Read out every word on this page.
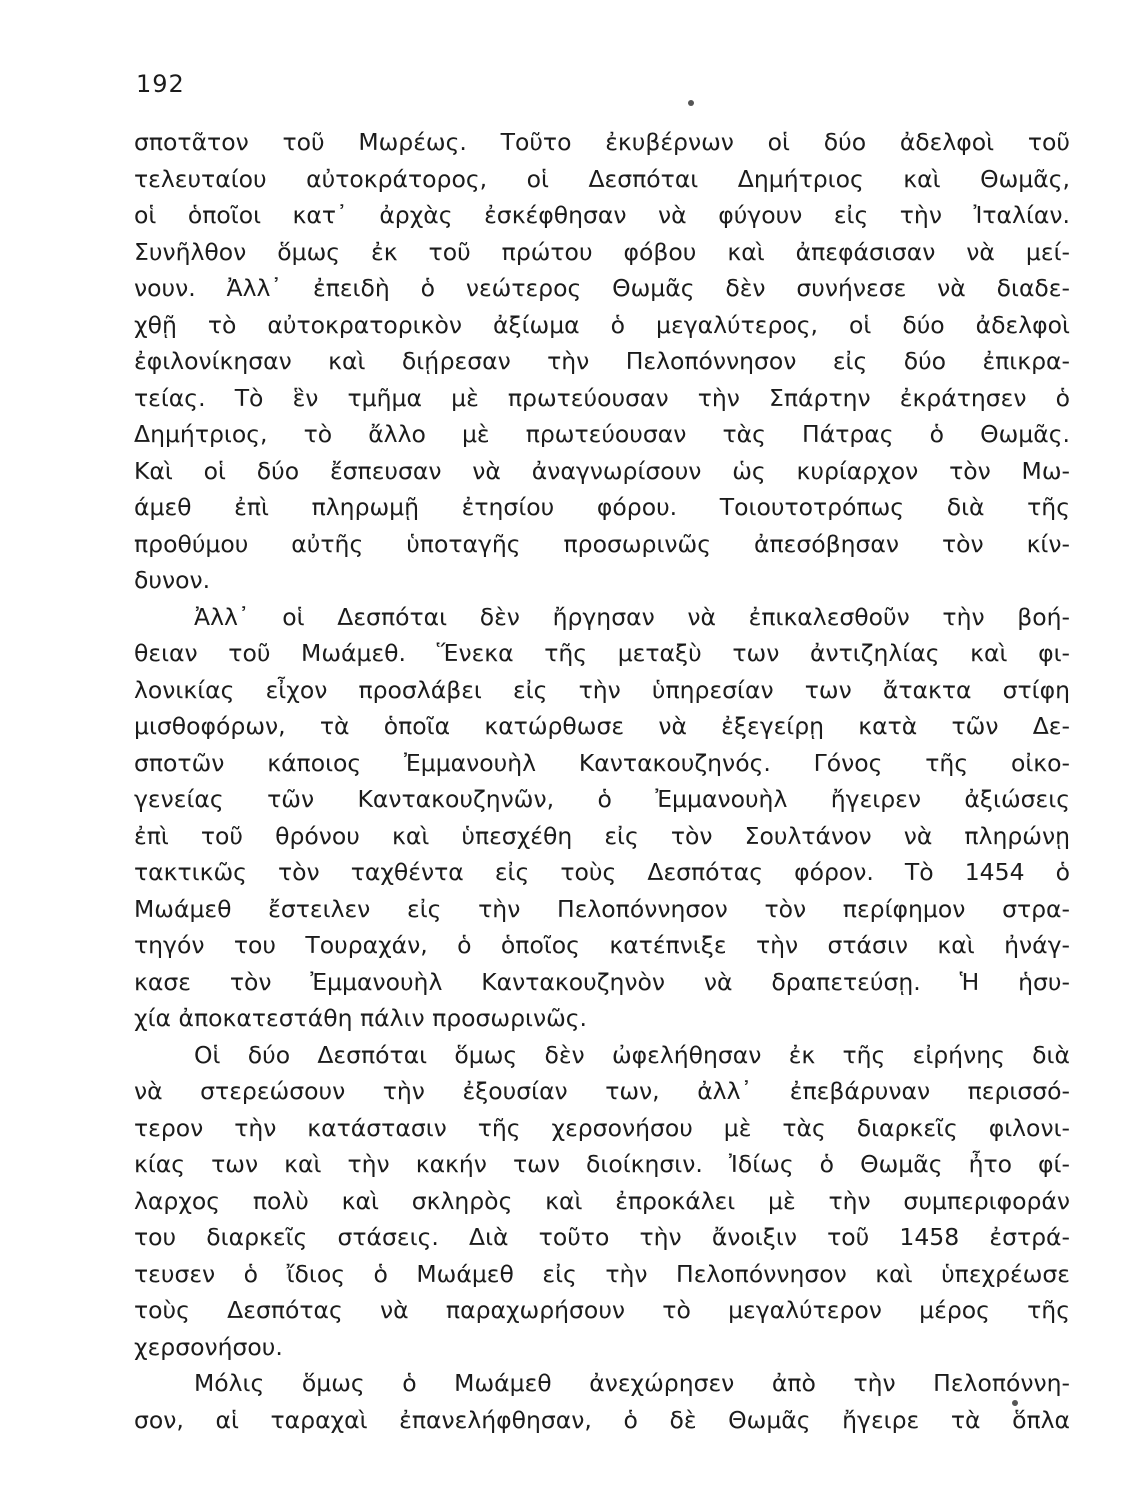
192
σποτᾶτον τοῦ Μωρέως. Τοῦτο ἐκυβέρνων οἱ δύο ἀδελφοὶ τοῦ
τελευταίου αὐτοκράτορος, οἱ Δεσπόται Δημήτριος καὶ Θωμᾶς,
οἱ ὁποῖοι κατ᾽ ἀρχὰς ἐσκέφθησαν νὰ φύγουν εἰς τὴν Ἰταλίαν.
Συνῆλθον ὅμως ἐκ τοῦ πρώτου φόβου καὶ ἀπεφάσισαν νὰ μεί-
νουν. Ἀλλ᾽ ἐπειδὴ ὁ νεώτερος Θωμᾶς δὲν συνήνεσε νὰ διαδε-
χθῇ τὸ αὐτοκρατορικὸν ἀξίωμα ὁ μεγαλύτερος, οἱ δύο ἀδελφοὶ
ἐφιλονίκησαν καὶ διῄρεσαν τὴν Πελοπόννησον εἰς δύο ἐπικρα-
τείας. Τὸ ἓν τμῆμα μὲ πρωτεύουσαν τὴν Σπάρτην ἐκράτησεν ὁ
Δημήτριος, τὸ ἄλλο μὲ πρωτεύουσαν τὰς Πάτρας ὁ Θωμᾶς.
Καὶ οἱ δύο ἔσπευσαν νὰ ἀναγνωρίσουν ὡς κυρίαρχον τὸν Μω-
άμεθ ἐπὶ πληρωμῇ ἐτησίου φόρου. Τοιουτοτρόπως διὰ τῆς
προθύμου αὐτῆς ὑποταγῆς προσωρινῶς ἀπεσόβησαν τὸν κίν-
δυνον.
Ἀλλ᾽ οἱ Δεσπόται δὲν ἤργησαν νὰ ἐπικαλεσθοῦν τὴν βοή-
θειαν τοῦ Μωάμεθ. Ἕνεκα τῆς μεταξὺ των ἀντιζηλίας καὶ φι-
λονικίας εἶχον προσλάβει εἰς τὴν ὑπηρεσίαν των ἄτακτα στίφη
μισθοφόρων, τὰ ὁποῖα κατώρθωσε νὰ ἐξεγείρῃ κατὰ τῶν Δε-
σποτῶν κάποιος Ἐμμανουὴλ Καντακουζηνός. Γόνος τῆς οἰκο-
γενείας τῶν Καντακουζηνῶν, ὁ Ἐμμανουὴλ ἤγειρεν ἀξιώσεις
ἐπὶ τοῦ θρόνου καὶ ὑπεσχέθη εἰς τὸν Σουλτάνον νὰ πληρώνῃ
τακτικῶς τὸν ταχθέντα εἰς τοὺς Δεσπότας φόρον. Τὸ 1454 ὁ
Μωάμεθ ἔστειλεν εἰς τὴν Πελοπόννησον τὸν περίφημον στρα-
τηγόν του Τουραχάν, ὁ ὁποῖος κατέπνιξε τὴν στάσιν καὶ ἠνάγ-
κασε τὸν Ἐμμανουὴλ Καντακουζηνὸν νὰ δραπετεύσῃ. Ἡ ἡσυ-
χία ἀποκατεστάθη πάλιν προσωρινῶς.
Οἱ δύο Δεσπόται ὅμως δὲν ὠφελήθησαν ἐκ τῆς εἰρήνης διὰ
νὰ στερεώσουν τὴν ἐξουσίαν των, ἀλλ᾽ ἐπεβάρυναν περισσό-
τερον τὴν κατάστασιν τῆς χερσονήσου μὲ τὰς διαρκεῖς φιλονι-
κίας των καὶ τὴν κακήν των διοίκησιν. Ἰδίως ὁ Θωμᾶς ἦτο φί-
λαρχος πολὺ καὶ σκληρὸς καὶ ἐπροκάλει μὲ τὴν συμπεριφοράν
του διαρκεῖς στάσεις. Διὰ τοῦτο τὴν ἄνοιξιν τοῦ 1458 ἐστρά-
τευσεν ὁ ἴδιος ὁ Μωάμεθ εἰς τὴν Πελοπόννησον καὶ ὑπεχρέωσε
τοὺς Δεσπότας νὰ παραχωρήσουν τὸ μεγαλύτερον μέρος τῆς
χερσονήσου.
Μόλις ὅμως ὁ Μωάμεθ ἀνεχώρησεν ἀπὸ τὴν Πελοπόννη-
σον, αἱ ταραχαὶ ἐπανελήφθησαν, ὁ δὲ Θωμᾶς ἤγειρε τὰ ὅπλα
